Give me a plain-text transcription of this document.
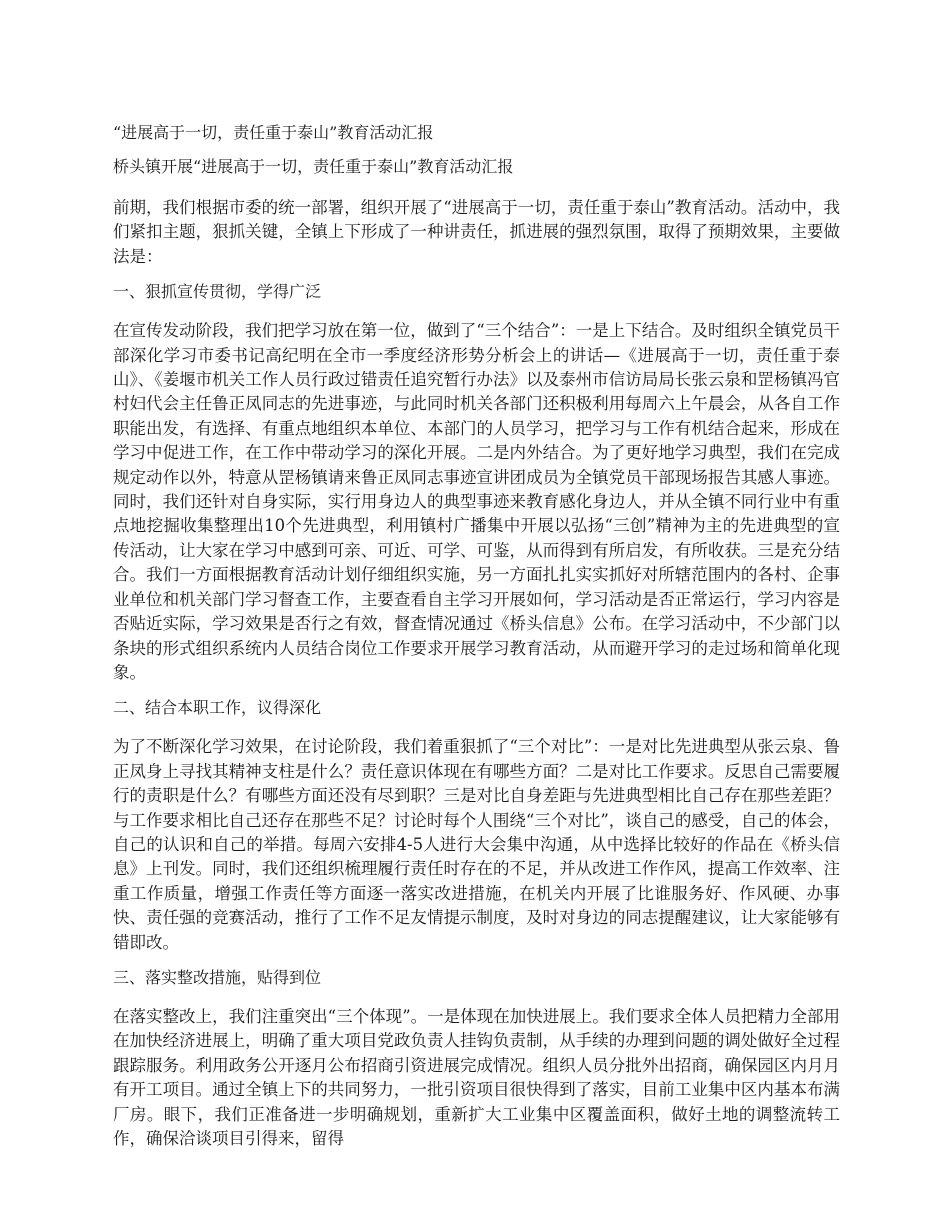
“进展高于一切，责任重于泰山”教育活动汇报
桥头镇开展“进展高于一切，责任重于泰山”教育活动汇报
前期，我们根据市委的统一部署，组织开展了“进展高于一切，责任重于泰山”教育活动。活动中，我们紧扣主题，狠抓关键，全镇上下形成了一种讲责任，抓进展的强烈氛围，取得了预期效果，主要做法是：
一、狠抓宣传贯彻，学得广泛
在宣传发动阶段，我们把学习放在第一位，做到了“三个结合”：一是上下结合。及时组织全镇党员干部深化学习市委书记高纪明在全市一季度经济形势分析会上的讲话—《进展高于一切，责任重于泰山》、《姜堰市机关工作人员行政过错责任追究暂行办法》以及泰州市信访局局长张云泉和罡杨镇冯官村妇代会主任鲁正凤同志的先进事迹，与此同时机关各部门还积极利用每周六上午晨会，从各自工作职能出发，有选择、有重点地组织本单位、本部门的人员学习，把学习与工作有机结合起来，形成在学习中促进工作，在工作中带动学习的深化开展。二是内外结合。为了更好地学习典型，我们在完成规定动作以外，特意从罡杨镇请来鲁正凤同志事迹宣讲团成员为全镇党员干部现场报告其感人事迹。同时，我们还针对自身实际，实行用身边人的典型事迹来教育感化身边人，并从全镇不同行业中有重点地挖掘收集整理出10个先进典型，利用镇村广播集中开展以弘扬“三创”精神为主的先进典型的宣传活动，让大家在学习中感到可亲、可近、可学、可鉴，从而得到有所启发，有所收获。三是充分结合。我们一方面根据教育活动计划仔细组织实施，另一方面扎扎实实抓好对所辖范围内的各村、企事业单位和机关部门学习督查工作，主要查看自主学习开展如何，学习活动是否正常运行，学习内容是否贴近实际，学习效果是否行之有效，督查情况通过《桥头信息》公布。在学习活动中，不少部门以条块的形式组织系统内人员结合岗位工作要求开展学习教育活动，从而避开学习的走过场和简单化现象。
二、结合本职工作，议得深化
为了不断深化学习效果，在讨论阶段，我们着重狠抓了“三个对比”：一是对比先进典型从张云泉、鲁正凤身上寻找其精神支柱是什么？责任意识体现在有哪些方面？二是对比工作要求。反思自己需要履行的责职是什么？有哪些方面还没有尽到职？三是对比自身差距与先进典型相比自己存在那些差距？与工作要求相比自己还存在那些不足？讨论时每个人围绕“三个对比”，谈自己的感受，自己的体会，自己的认识和自己的举措。每周六安排4-5人进行大会集中沟通，从中选择比较好的作品在《桥头信息》上刊发。同时，我们还组织梳理履行责任时存在的不足，并从改进工作作风，提高工作效率、注重工作质量，增强工作责任等方面逐一落实改进措施，在机关内开展了比谁服务好、作风硬、办事快、责任强的竞赛活动，推行了工作不足友情提示制度，及时对身边的同志提醒建议，让大家能够有错即改。
三、落实整改措施，贴得到位
在落实整改上，我们注重突出“三个体现”。一是体现在加快进展上。我们要求全体人员把精力全部用在加快经济进展上，明确了重大项目党政负责人挂钩负责制，从手续的办理到问题的调处做好全过程跟踪服务。利用政务公开逐月公布招商引资进展完成情况。组织人员分批外出招商，确保园区内月月有开工项目。通过全镇上下的共同努力，一批引资项目很快得到了落实，目前工业集中区内基本布满厂房。眼下，我们正准备进一步明确规划，重新扩大工业集中区覆盖面积，做好土地的调整流转工作，确保洽谈项目引得来，留得
